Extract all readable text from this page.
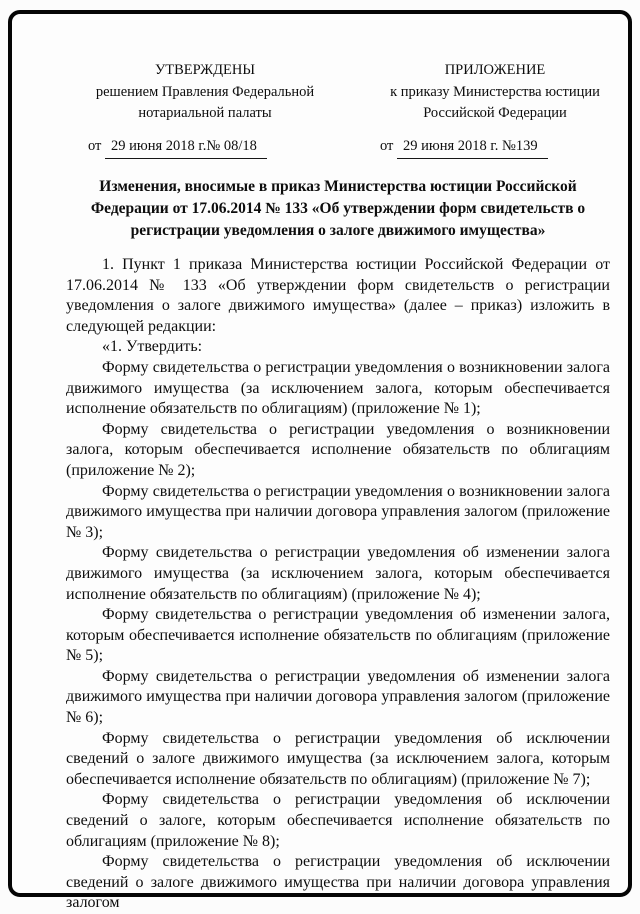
УТВЕРЖДЕНЫ
решением Правления Федеральной
нотариальной палаты
от 29 июня 2018 г.№ 08/18
ПРИЛОЖЕНИЕ
к приказу Министерства юстиции
Российской Федерации
от 29 июня 2018 г. №139
Изменения, вносимые в приказ Министерства юстиции Российской Федерации от 17.06.2014 № 133 «Об утверждении форм свидетельств о регистрации уведомления о залоге движимого имущества»

1. Пункт 1 приказа Министерства юстиции Российской Федерации от 17.06.2014 № 133 «Об утверждении форм свидетельств о регистрации уведомления о залоге движимого имущества» (далее – приказ) изложить в следующей редакции:

«1. Утвердить:

Форму свидетельства о регистрации уведомления о возникновении залога движимого имущества (за исключением залога, которым обеспечивается исполнение обязательств по облигациям) (приложение № 1);

Форму свидетельства о регистрации уведомления о возникновении залога, которым обеспечивается исполнение обязательств по облигациям (приложение № 2);

Форму свидетельства о регистрации уведомления о возникновении залога движимого имущества при наличии договора управления залогом (приложение № 3);

Форму свидетельства о регистрации уведомления об изменении залога движимого имущества (за исключением залога, которым обеспечивается исполнение обязательств по облигациям) (приложение № 4);

Форму свидетельства о регистрации уведомления об изменении залога, которым обеспечивается исполнение обязательств по облигациям (приложение № 5);

Форму свидетельства о регистрации уведомления об изменении залога движимого имущества при наличии договора управления залогом (приложение № 6);

Форму свидетельства о регистрации уведомления об исключении сведений о залоге движимого имущества (за исключением залога, которым обеспечивается исполнение обязательств по облигациям) (приложение № 7);

Форму свидетельства о регистрации уведомления об исключении сведений о залоге, которым обеспечивается исполнение обязательств по облигациям (приложение № 8);

Форму свидетельства о регистрации уведомления об исключении сведений о залоге движимого имущества при наличии договора управления залогом
